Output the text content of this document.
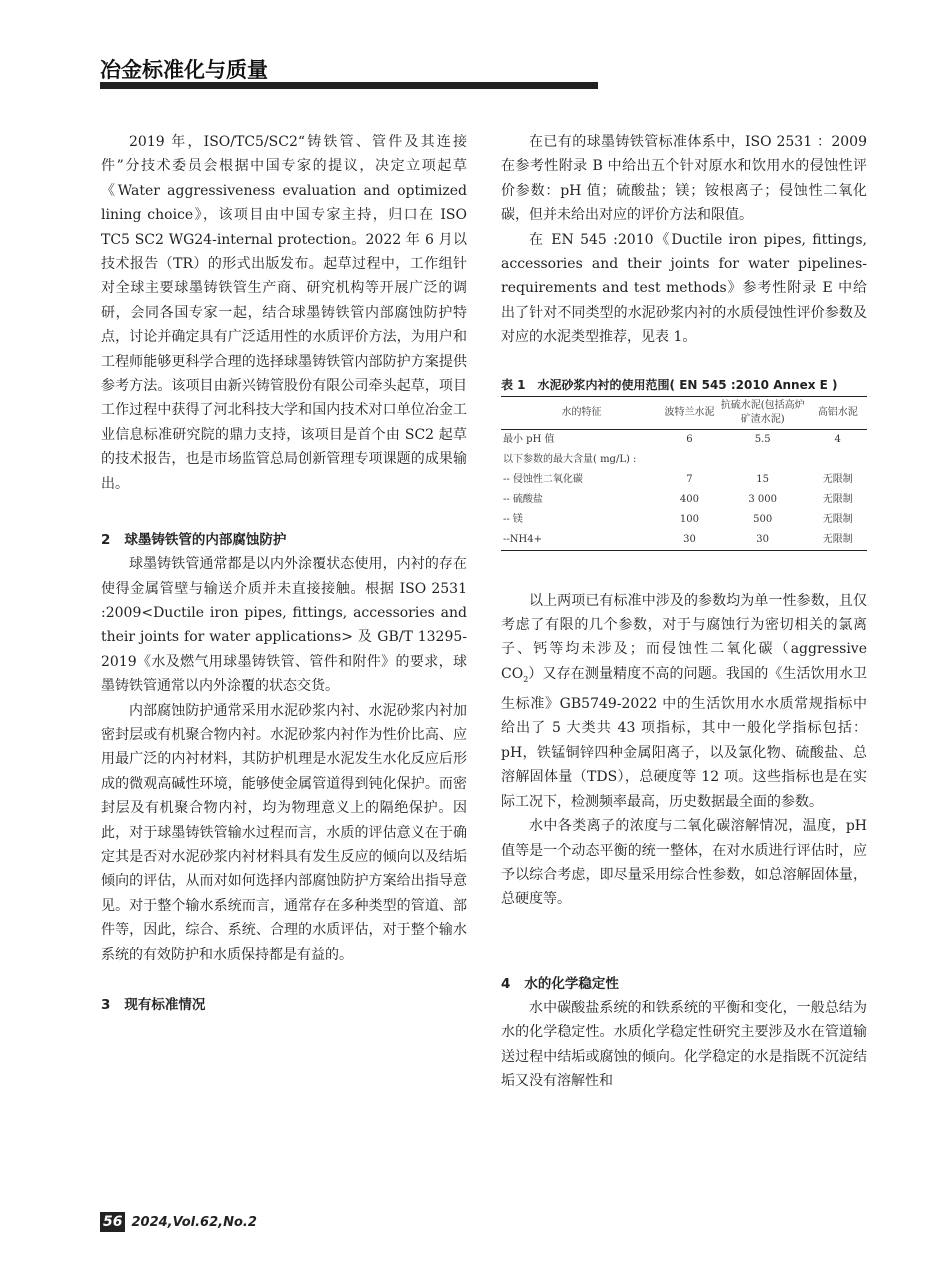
冶金标准化与质量

2019 年，ISO/TC5/SC2“铸铁管、管件及其连接件”分技术委员会根据中国专家的提议，决定立项起草《Water aggressiveness evaluation and optimized lining choice》，该项目由中国专家主持，归口在 ISO TC5 SC2 WG24-internal protection。2022 年 6 月以技术报告（TR）的形式出版发布。起草过程中，工作组针对全球主要球墨铸铁管生产商、研究机构等开展广泛的调研，会同各国专家一起，结合球墨铸铁管内部腐蚀防护特点，讨论并确定具有广泛适用性的水质评价方法，为用户和工程师能够更科学合理的选择球墨铸铁管内部防护方案提供参考方法。该项目由新兴铸管股份有限公司牵头起草，项目工作过程中获得了河北科技大学和国内技术对口单位冶金工业信息标准研究院的鼎力支持，该项目是首个由 SC2 起草的技术报告，也是市场监管总局创新管理专项课题的成果输出。

2 球墨铸铁管的内部腐蚀防护

球墨铸铁管通常都是以内外涂覆状态使用，内衬的存在使得金属管壁与输送介质并未直接接触。根据 ISO 2531 :2009<Ductile iron pipes, fittings, accessories and their joints for water applications> 及 GB/T 13295-2019《水及燃气用球墨铸铁管、管件和附件》的要求，球墨铸铁管通常以内外涂覆的状态交货。

内部腐蚀防护通常采用水泥砂浆内衬、水泥砂浆内衬加密封层或有机聚合物内衬。水泥砂浆内衬作为性价比高、应用最广泛的内衬材料，其防护机理是水泥发生水化反应后形成的微观高碱性环境，能够使金属管道得到钝化保护。而密封层及有机聚合物内衬，均为物理意义上的隔绝保护。因此，对于球墨铸铁管输水过程而言，水质的评估意义在于确定其是否对水泥砂浆内衬材料具有发生反应的倾向以及结垢倾向的评估，从而对如何选择内部腐蚀防护方案给出指导意见。对于整个输水系统而言，通常存在多种类型的管道、部件等，因此，综合、系统、合理的水质评估，对于整个输水系统的有效防护和水质保持都是有益的。

3 现有标准情况

在已有的球墨铸铁管标准体系中，ISO 2531 ：2009 在参考性附录 B 中给出五个针对原水和饮用水的侵蚀性评价参数：pH 值；硫酸盐；镁；铵根离子；侵蚀性二氧化碳，但并未给出对应的评价方法和限值。

在 EN 545 :2010《Ductile iron pipes, fittings, accessories and their joints for water pipelines-requirements and test methods》参考性附录 E 中给出了针对不同类型的水泥砂浆内衬的水质侵蚀性评价参数及对应的水泥类型推荐，见表 1。

表 1 水泥砂浆内衬的使用范围( EN 545 :2010 Annex E )
水的特征	波特兰水泥	抗硫水泥(包括高炉矿渣水泥)	高铝水泥
最小 pH 值	6	5.5	4
以下参数的最大含量( mg/L) :			
-- 侵蚀性二氧化碳	7	15	无限制
-- 硫酸盐	400	3 000	无限制
-- 镁	100	500	无限制
--NH4+	30	30	无限制

以上两项已有标准中涉及的参数均为单一性参数，且仅考虑了有限的几个参数，对于与腐蚀行为密切相关的氯离子、钙等均未涉及；而侵蚀性二氧化碳（aggressive $CO_2$）又存在测量精度不高的问题。我国的《生活饮用水卫生标准》GB5749-2022 中的生活饮用水水质常规指标中给出了 5 大类共 43 项指标，其中一般化学指标包括：pH，铁锰铜锌四种金属阳离子，以及氯化物、硫酸盐、总溶解固体量（TDS），总硬度等 12 项。这些指标也是在实际工况下，检测频率最高，历史数据最全面的参数。

水中各类离子的浓度与二氧化碳溶解情况，温度，pH 值等是一个动态平衡的统一整体，在对水质进行评估时，应予以综合考虑，即尽量采用综合性参数，如总溶解固体量，总硬度等。

4 水的化学稳定性

水中碳酸盐系统的和铁系统的平衡和变化，一般总结为水的化学稳定性。水质化学稳定性研究主要涉及水在管道输送过程中结垢或腐蚀的倾向。化学稳定的水是指既不沉淀结垢又没有溶解性和

56 2024,Vol.62,No.2
